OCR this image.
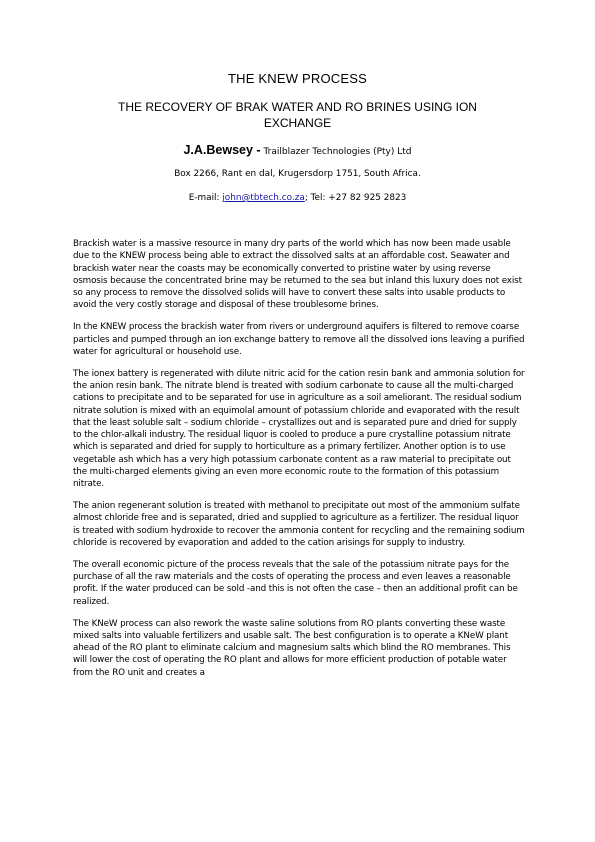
THE KNEW PROCESS
THE RECOVERY OF BRAK WATER AND RO BRINES USING ION EXCHANGE
J.A.Bewsey - Trailblazer Technologies (Pty) Ltd
Box 2266, Rant en dal, Krugersdorp 1751, South Africa.
E-mail: john@tbtech.co.za; Tel: +27 82 925 2823

Brackish water is a massive resource in many dry parts of the world which has now been made usable due to the KNEW process being able to extract the dissolved salts at an affordable cost. Seawater and brackish water near the coasts may be economically converted to pristine water by using reverse osmosis because the concentrated brine may be returned to the sea but inland this luxury does not exist so any process to remove the dissolved solids will have to convert these salts into usable products to avoid the very costly storage and disposal of these troublesome brines.

In the KNEW process the brackish water from rivers or underground aquifers is filtered to remove coarse particles and pumped through an ion exchange battery to remove all the dissolved ions leaving a purified water for agricultural or household use.

The ionex battery is regenerated with dilute nitric acid for the cation resin bank and ammonia solution for the anion resin bank. The nitrate blend is treated with sodium carbonate to cause all the multi-charged cations to precipitate and to be separated for use in agriculture as a soil ameliorant. The residual sodium nitrate solution is mixed with an equimolal amount of potassium chloride and evaporated with the result that the least soluble salt – sodium chloride – crystallizes out and is separated pure and dried for supply to the chlor-alkali industry. The residual liquor is cooled to produce a pure crystalline potassium nitrate which is separated and dried for supply to horticulture as a primary fertilizer. Another option is to use vegetable ash which has a very high potassium carbonate content as a raw material to precipitate out the multi-charged elements giving an even more economic route to the formation of this potassium nitrate.

The anion regenerant solution is treated with methanol to precipitate out most of the ammonium sulfate almost chloride free and is separated, dried and supplied to agriculture as a fertilizer. The residual liquor is treated with sodium hydroxide to recover the ammonia content for recycling and the remaining sodium chloride is recovered by evaporation and added to the cation arisings for supply to industry.

The overall economic picture of the process reveals that the sale of the potassium nitrate pays for the purchase of all the raw materials and the costs of operating the process and even leaves a reasonable profit. If the water produced can be sold -and this is not often the case – then an additional profit can be realized.

The KNeW process can also rework the waste saline solutions from RO plants converting these waste mixed salts into valuable fertilizers and usable salt. The best configuration is to operate a KNeW plant ahead of the RO plant to eliminate calcium and magnesium salts which blind the RO membranes. This will lower the cost of operating the RO plant and allows for more efficient production of potable water from the RO unit and creates a
